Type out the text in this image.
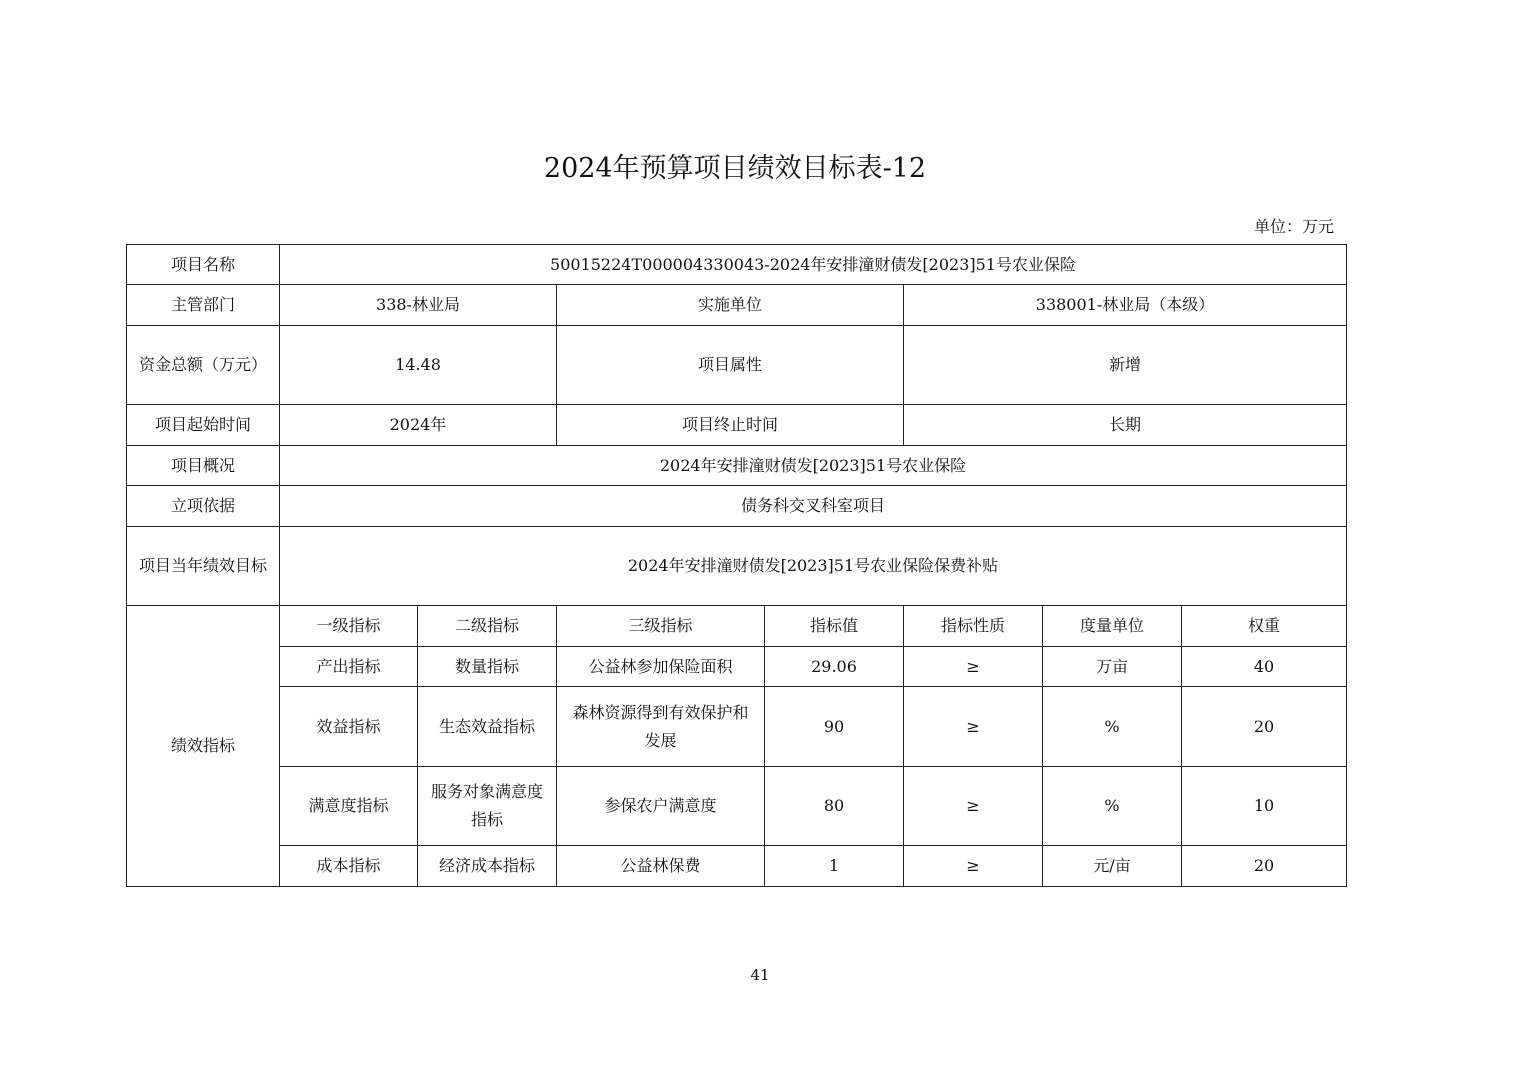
2024年预算项目绩效目标表-12
单位：万元
项目名称	50015224T000004330043-2024年安排潼财债发[2023]51号农业保险						
主管部门	338-林业局		实施单位		338001-林业局（本级）		
资金总额（万元）	14.48		项目属性		新增		
项目起始时间	2024年		项目终止时间		长期		
项目概况	2024年安排潼财债发[2023]51号农业保险						
立项依据	债务科交叉科室项目						
项目当年绩效目标	2024年安排潼财债发[2023]51号农业保险保费补贴						
绩效指标	一级指标	二级指标	三级指标	指标值	指标性质	度量单位	权重
	产出指标	数量指标	公益林参加保险面积	29.06	≥	万亩	40
	效益指标	生态效益指标	森林资源得到有效保护和发展	90	≥	%	20
	满意度指标	服务对象满意度指标	参保农户满意度	80	≥	%	10
	成本指标	经济成本指标	公益林保费	1	≥	元/亩	20
41
